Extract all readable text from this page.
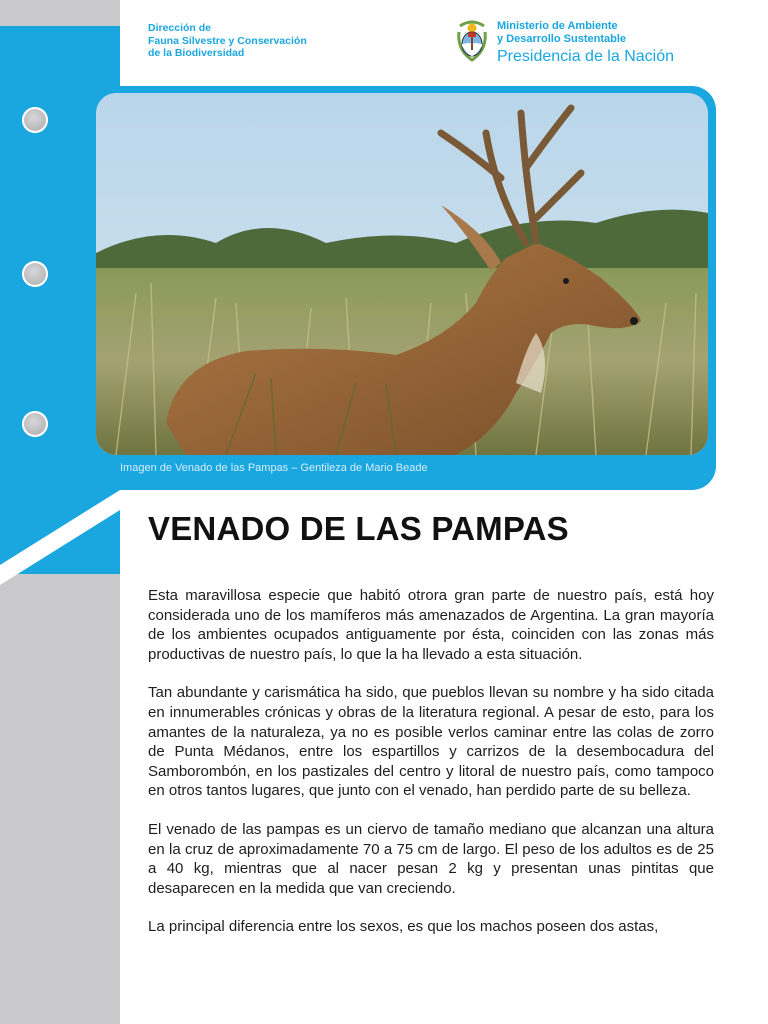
Dirección de
Fauna Silvestre y Conservación
de la Biodiversidad
Ministerio de Ambiente
y Desarrollo Sustentable
Presidencia de la Nación
Imagen de Venado de las Pampas – Gentileza de Mario Beade
VENADO DE LAS PAMPAS

Esta maravillosa especie que habitó otrora gran parte de nuestro país, está hoy considerada uno de los mamíferos más amenazados de Argentina. La gran mayoría de los ambientes ocupados antiguamente por ésta, coinciden con las zonas más productivas de nuestro país, lo que la ha llevado a esta situación.

Tan abundante y carismática ha sido, que pueblos llevan su nombre y ha sido citada en innumerables crónicas y obras de la literatura regional. A pesar de esto, para los amantes de la naturaleza, ya no es posible verlos caminar entre las colas de zorro de Punta Médanos, entre los espartillos y carrizos de la desembocadura del Samborombón, en los pastizales del centro y litoral de nuestro país, como tampoco en otros tantos lugares, que junto con el venado, han perdido parte de su belleza.

El venado de las pampas es un ciervo de tamaño mediano que alcanzan una altura en la cruz de aproximadamente 70 a 75 cm de largo. El peso de los adultos es de 25 a 40 kg, mientras que al nacer pesan 2 kg y presentan unas pintitas que desaparecen en la medida que van creciendo.

La principal diferencia entre los sexos, es que los machos poseen dos astas,
